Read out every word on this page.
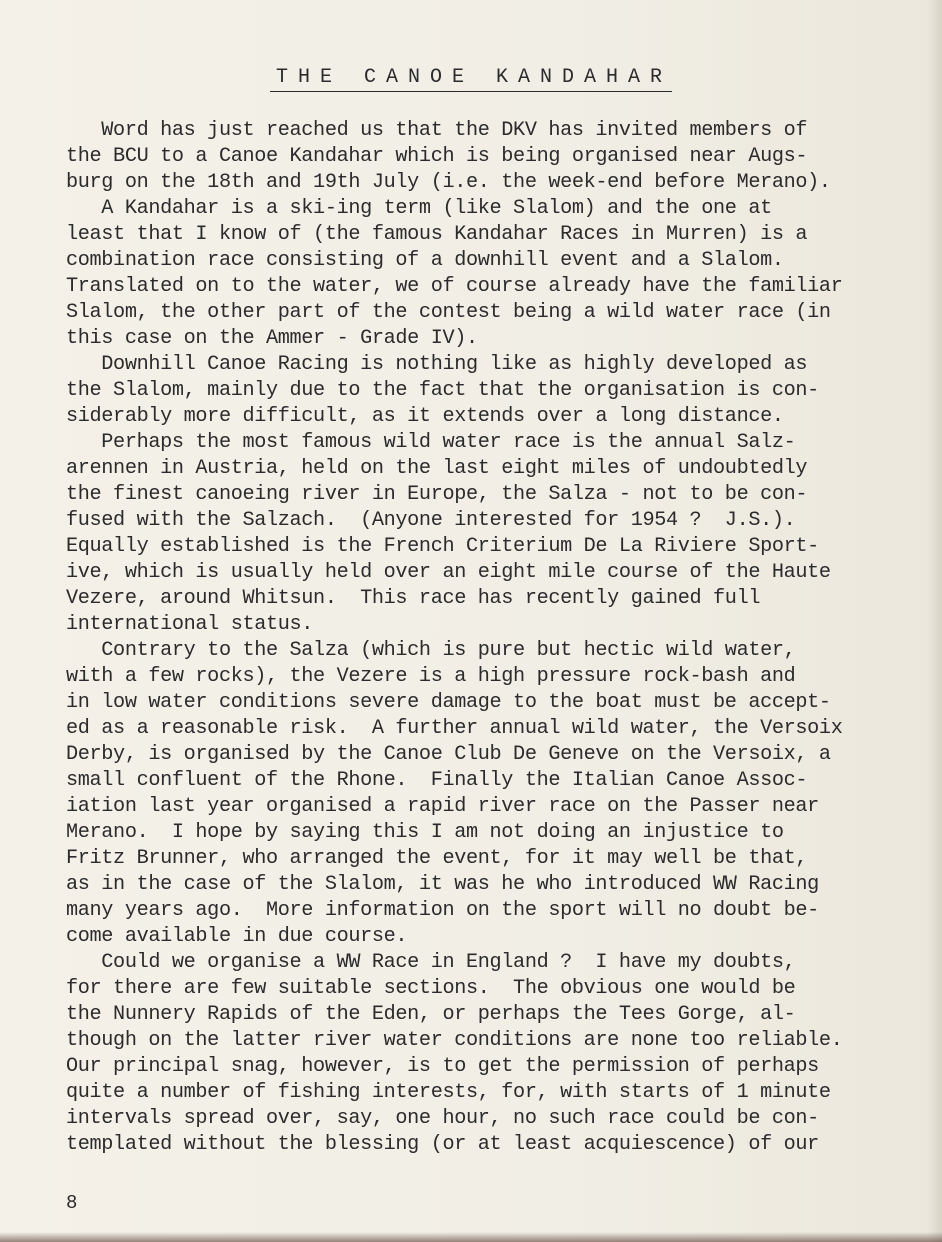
THE CANOE KANDAHAR
Word has just reached us that the DKV has invited members of
the BCU to a Canoe Kandahar which is being organised near Augs-
burg on the 18th and 19th July (i.e. the week-end before Merano).
A Kandahar is a ski-ing term (like Slalom) and the one at
least that I know of (the famous Kandahar Races in Murren) is a
combination race consisting of a downhill event and a Slalom.
Translated on to the water, we of course already have the familiar
Slalom, the other part of the contest being a wild water race (in
this case on the Ammer - Grade IV).
Downhill Canoe Racing is nothing like as highly developed as
the Slalom, mainly due to the fact that the organisation is con-
siderably more difficult, as it extends over a long distance.
Perhaps the most famous wild water race is the annual Salz-
arennen in Austria, held on the last eight miles of undoubtedly
the finest canoeing river in Europe, the Salza - not to be con-
fused with the Salzach.  (Anyone interested for 1954 ?  J.S.).
Equally established is the French Criterium De La Riviere Sport-
ive, which is usually held over an eight mile course of the Haute
Vezere, around Whitsun.  This race has recently gained full
international status.
Contrary to the Salza (which is pure but hectic wild water,
with a few rocks), the Vezere is a high pressure rock-bash and
in low water conditions severe damage to the boat must be accept-
ed as a reasonable risk.  A further annual wild water, the Versoix
Derby, is organised by the Canoe Club De Geneve on the Versoix, a
small confluent of the Rhone.  Finally the Italian Canoe Assoc-
iation last year organised a rapid river race on the Passer near
Merano.  I hope by saying this I am not doing an injustice to
Fritz Brunner, who arranged the event, for it may well be that,
as in the case of the Slalom, it was he who introduced WW Racing
many years ago.  More information on the sport will no doubt be-
come available in due course.
Could we organise a WW Race in England ?  I have my doubts,
for there are few suitable sections.  The obvious one would be
the Nunnery Rapids of the Eden, or perhaps the Tees Gorge, al-
though on the latter river water conditions are none too reliable.
Our principal snag, however, is to get the permission of perhaps
quite a number of fishing interests, for, with starts of 1 minute
intervals spread over, say, one hour, no such race could be con-
templated without the blessing (or at least acquiescence) of our
8
